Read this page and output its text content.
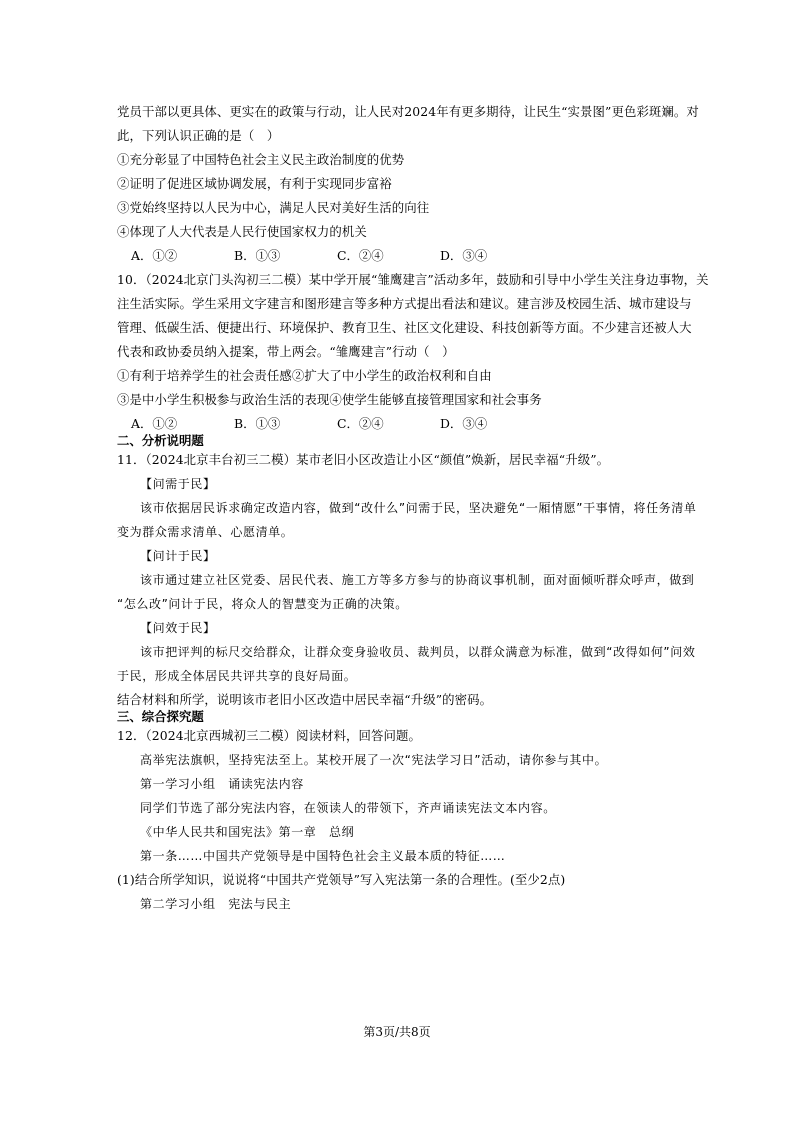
党员干部以更具体、更实在的政策与行动，让人民对2024年有更多期待，让民生“实景图”更色彩斑斓。对
此，下列认识正确的是（　）
①充分彰显了中国特色社会主义民主政治制度的优势
②证明了促进区域协调发展，有利于实现同步富裕
③党始终坚持以人民为中心，满足人民对美好生活的向往
④体现了人大代表是人民行使国家权力的机关
A．①②	B．①③	C．②④	D．③④
10．（2024北京门头沟初三二模）某中学开展“雏鹰建言”活动多年，鼓励和引导中小学生关注身边事物，关
注生活实际。学生采用文字建言和图形建言等多种方式提出看法和建议。建言涉及校园生活、城市建设与
管理、低碳生活、便捷出行、环境保护、教育卫生、社区文化建设、科技创新等方面。不少建言还被人大
代表和政协委员纳入提案，带上两会。“雏鹰建言”行动（　）
①有利于培养学生的社会责任感②扩大了中小学生的政治权利和自由
③是中小学生积极参与政治生活的表现④使学生能够直接管理国家和社会事务
A．①②	B．①③	C．②④	D．③④
二、分析说明题
11．（2024北京丰台初三二模）某市老旧小区改造让小区“颜值”焕新，居民幸福“升级”。
【问需于民】
该市依据居民诉求确定改造内容，做到“改什么”问需于民，坚决避免“一厢情愿”干事情，将任务清单
变为群众需求清单、心愿清单。
【问计于民】
该市通过建立社区党委、居民代表、施工方等多方参与的协商议事机制，面对面倾听群众呼声，做到
“怎么改”问计于民，将众人的智慧变为正确的决策。
【问效于民】
该市把评判的标尺交给群众，让群众变身验收员、裁判员，以群众满意为标准，做到“改得如何”问效
于民，形成全体居民共评共享的良好局面。
结合材料和所学，说明该市老旧小区改造中居民幸福“升级”的密码。
三、综合探究题
12．（2024北京西城初三二模）阅读材料，回答问题。
高举宪法旗帜，坚持宪法至上。某校开展了一次“宪法学习日”活动，请你参与其中。
第一学习小组　诵读宪法内容
同学们节选了部分宪法内容，在领读人的带领下，齐声诵读宪法文本内容。
《中华人民共和国宪法》第一章　总纲
第一条……中国共产党领导是中国特色社会主义最本质的特征……
(1)结合所学知识，说说将“中国共产党领导”写入宪法第一条的合理性。(至少2点)
第二学习小组　宪法与民主
第3页/共8页
